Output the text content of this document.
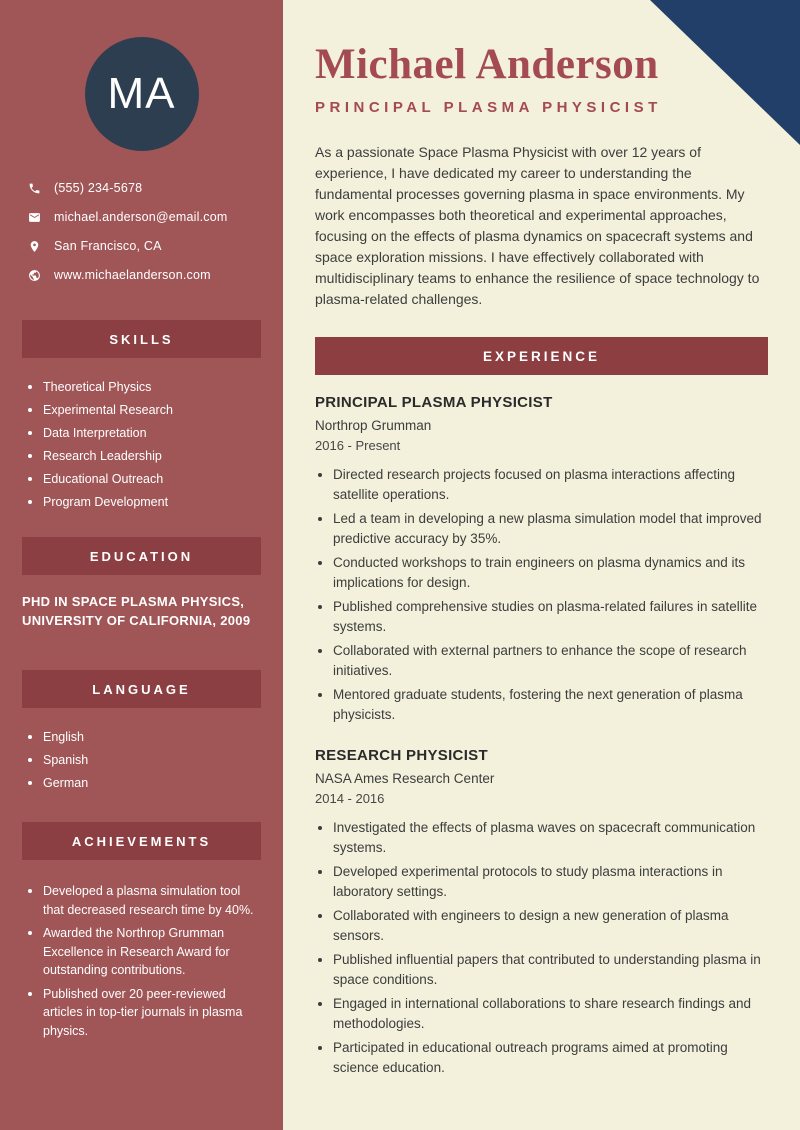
MA
(555) 234-5678
michael.anderson@email.com
San Francisco, CA
www.michaelanderson.com
SKILLS
Theoretical Physics
Experimental Research
Data Interpretation
Research Leadership
Educational Outreach
Program Development
EDUCATION
PHD IN SPACE PLASMA PHYSICS, UNIVERSITY OF CALIFORNIA, 2009
LANGUAGE
English
Spanish
German
ACHIEVEMENTS
Developed a plasma simulation tool that decreased research time by 40%.
Awarded the Northrop Grumman Excellence in Research Award for outstanding contributions.
Published over 20 peer-reviewed articles in top-tier journals in plasma physics.
Michael Anderson
PRINCIPAL PLASMA PHYSICIST

As a passionate Space Plasma Physicist with over 12 years of experience, I have dedicated my career to understanding the fundamental processes governing plasma in space environments. My work encompasses both theoretical and experimental approaches, focusing on the effects of plasma dynamics on spacecraft systems and space exploration missions. I have effectively collaborated with multidisciplinary teams to enhance the resilience of space technology to plasma-related challenges.

EXPERIENCE
PRINCIPAL PLASMA PHYSICIST
Northrop Grumman
2016 - Present
• Directed research projects focused on plasma interactions affecting satellite operations.
• Led a team in developing a new plasma simulation model that improved predictive accuracy by 35%.
• Conducted workshops to train engineers on plasma dynamics and its implications for design.
• Published comprehensive studies on plasma-related failures in satellite systems.
• Collaborated with external partners to enhance the scope of research initiatives.
• Mentored graduate students, fostering the next generation of plasma physicists.
RESEARCH PHYSICIST
NASA Ames Research Center
2014 - 2016
• Investigated the effects of plasma waves on spacecraft communication systems.
• Developed experimental protocols to study plasma interactions in laboratory settings.
• Collaborated with engineers to design a new generation of plasma sensors.
• Published influential papers that contributed to understanding plasma in space conditions.
• Engaged in international collaborations to share research findings and methodologies.
• Participated in educational outreach programs aimed at promoting science education.
